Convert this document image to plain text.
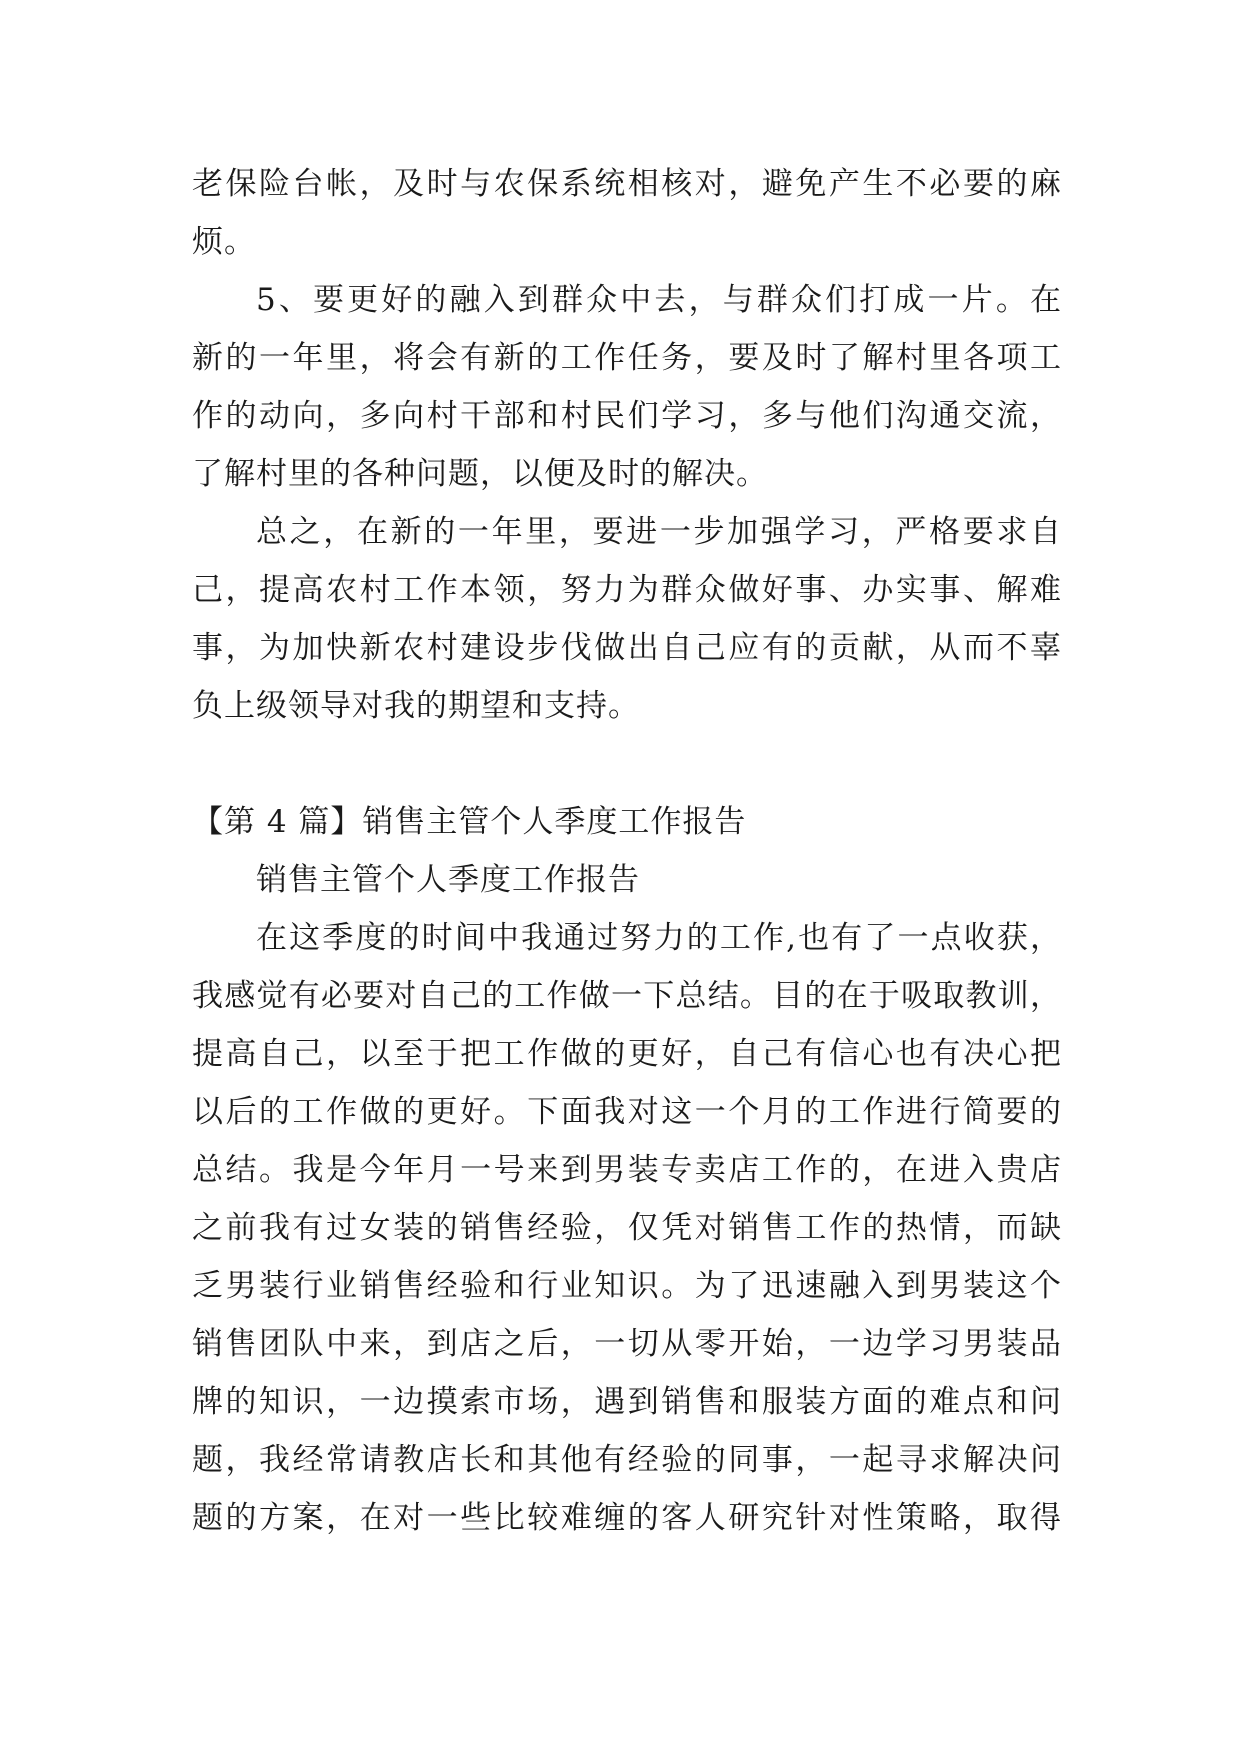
老保险台帐，及时与农保系统相核对，避免产生不必要的麻
烦。
5、要更好的融入到群众中去，与群众们打成一片。在
新的一年里，将会有新的工作任务，要及时了解村里各项工
作的动向，多向村干部和村民们学习，多与他们沟通交流，
了解村里的各种问题，以便及时的解决。
总之，在新的一年里，要进一步加强学习，严格要求自
己，提高农村工作本领，努力为群众做好事、办实事、解难
事，为加快新农村建设步伐做出自己应有的贡献，从而不辜
负上级领导对我的期望和支持。
【第 4 篇】销售主管个人季度工作报告
销售主管个人季度工作报告
在这季度的时间中我通过努力的工作,也有了一点收获，
我感觉有必要对自己的工作做一下总结。目的在于吸取教训，
提高自己，以至于把工作做的更好，自己有信心也有决心把
以后的工作做的更好。下面我对这一个月的工作进行简要的
总结。我是今年月一号来到男装专卖店工作的，在进入贵店
之前我有过女装的销售经验，仅凭对销售工作的热情，而缺
乏男装行业销售经验和行业知识。为了迅速融入到男装这个
销售团队中来，到店之后，一切从零开始，一边学习男装品
牌的知识，一边摸索市场，遇到销售和服装方面的难点和问
题，我经常请教店长和其他有经验的同事，一起寻求解决问
题的方案，在对一些比较难缠的客人研究针对性策略，取得
